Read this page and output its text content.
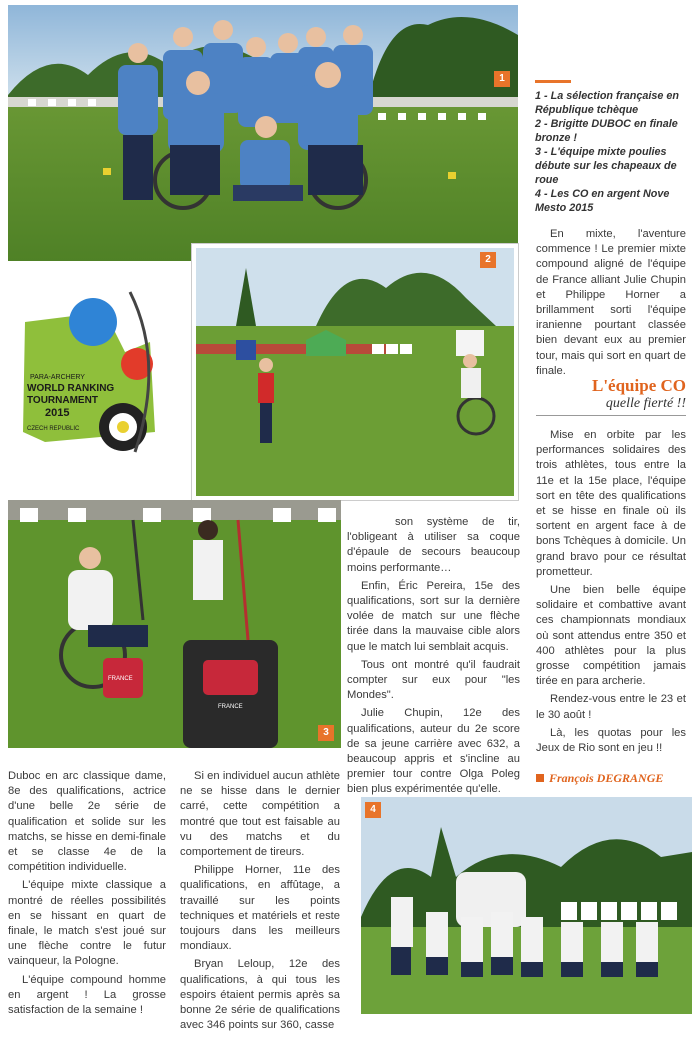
1
1 - La sélection française en République tchèque
2 - Brigitte DUBOC en finale bronze !
3 - L'équipe mixte poulies débute sur les chapeaux de roue
4 - Les CO en argent Nove Mesto 2015
PARA-ARCHERY
WORLD RANKING
TOURNAMENT
2015
CZECH REPUBLIC
2

En mixte, l'aventure commence ! Le premier mixte compound aligné de l'équipe de France alliant Julie Chupin et Philippe Horner a brillamment sorti l'équipe iranienne pourtant classée bien devant eux au premier tour, mais qui sort en quart de finale.

L'équipe CO
quelle fierté !!

Mise en orbite par les performances solidaires des trois athlètes, tous entre la 11e et la 15e place, l'équipe sort en tête des qualifications et se hisse en finale où ils sortent en argent face à de bons Tchèques à domicile. Un grand bravo pour ce résultat prometteur.

Une bien belle équipe solidaire et combattive avant ces championnats mondiaux où sont attendus entre 350 et 400 athlètes pour la plus grosse compétition jamais tirée en para archerie.

Rendez-vous entre le 23 et le 30 août !

Là, les quotas pour les Jeux de Rio sont en jeu !!

François DEGRANGE
FRANCE
FRANCE
3

son système de tir, l'obligeant à utiliser sa coque d'épaule de secours beaucoup moins performante…

Enfin, Éric Pereira, 15e des qualifications, sort sur la dernière volée de match sur une flèche tirée dans la mauvaise cible alors que le match lui semblait acquis.

Tous ont montré qu'il faudrait compter sur eux pour "les Mondes".

Julie Chupin, 12e des qualifications, auteur du 2e score de sa jeune carrière avec 632, a beaucoup appris et s'incline au premier tour contre Olga Poleg bien plus expérimentée qu'elle.

Duboc en arc classique dame, 8e des qualifications, actrice d'une belle 2e série de qualification et solide sur les matchs, se hisse en demi-finale et se classe 4e de la compétition individuelle.

L'équipe mixte classique a montré de réelles possibilités en se hissant en quart de finale, le match s'est joué sur une flèche contre le futur vainqueur, la Pologne.

L'équipe compound homme en argent ! La grosse satisfaction de la semaine !

Si en individuel aucun athlète ne se hisse dans le dernier carré, cette compétition a montré que tout est faisable au vu des matchs et du comportement de tireurs.

Philippe Horner, 11e des qualifications, en affûtage, a travaillé sur les points techniques et matériels et reste toujours dans les meilleurs mondiaux.

Bryan Leloup, 12e des qualifications, à qui tous les espoirs étaient permis après sa bonne 2e série de qualifications avec 346 points sur 360, casse

4
